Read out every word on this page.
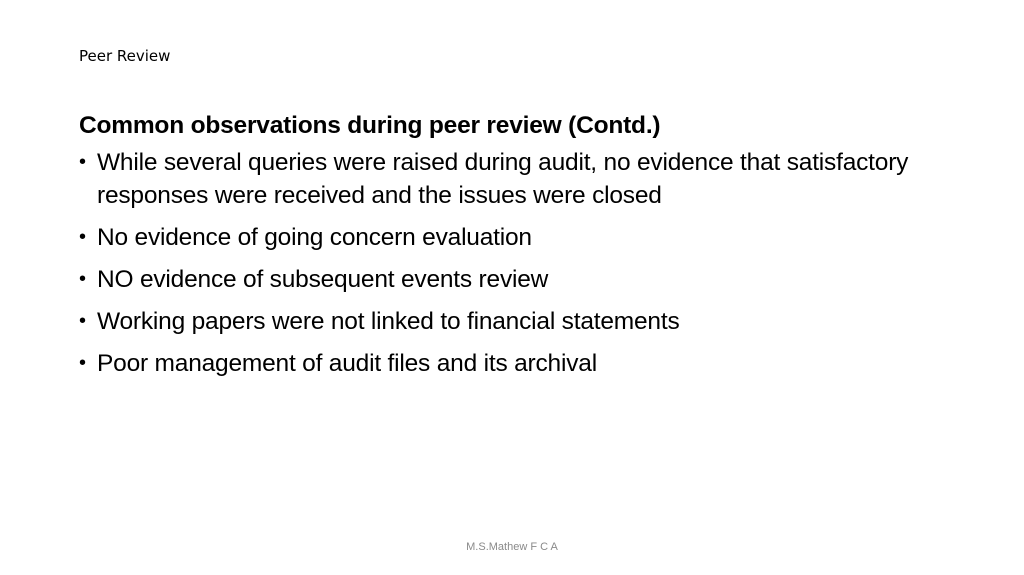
Peer Review
Common observations during peer review (Contd.)
• While several queries were raised during audit, no evidence that satisfactory responses were received and the issues were closed
• No evidence of going concern evaluation
• NO evidence of subsequent events review
• Working papers were not linked to financial statements
• Poor management of audit files and its archival
M.S.Mathew F C A
